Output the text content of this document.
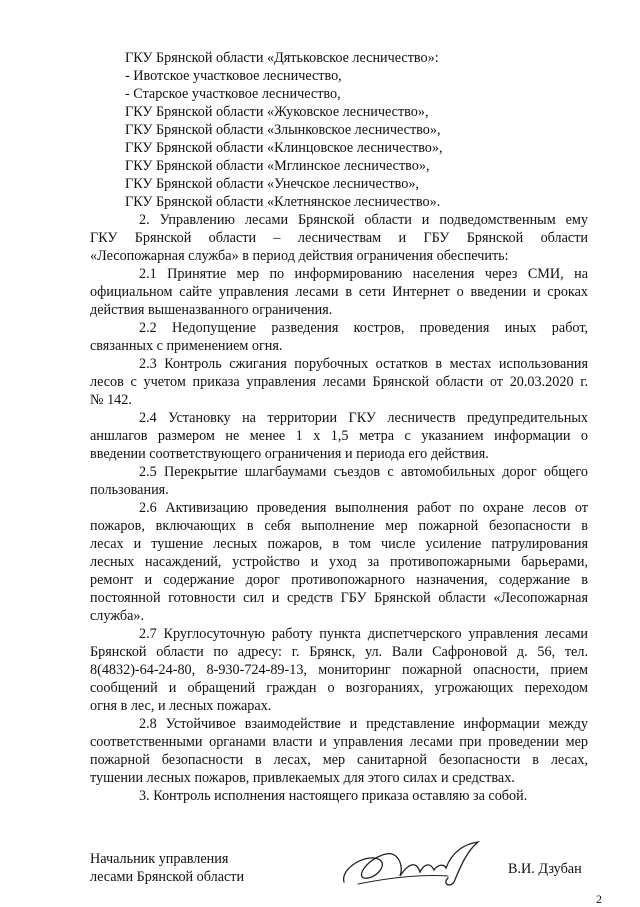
ГКУ Брянской области «Дятьковское лесничество»:
- Ивотское участковое лесничество,
- Старское участковое лесничество,
ГКУ Брянской области «Жуковское лесничество»,
ГКУ Брянской области «Злынковское лесничество»,
ГКУ Брянской области «Клинцовское лесничество»,
ГКУ Брянской области «Мглинское лесничество»,
ГКУ Брянской области «Унечское лесничество»,
ГКУ Брянской области «Клетнянское лесничество».
2. Управлению лесами Брянской области и подведомственным ему
ГКУ Брянской области – лесничествам и ГБУ Брянской области
«Лесопожарная служба» в период действия ограничения обеспечить:
2.1 Принятие мер по информированию населения через СМИ, на
официальном сайте управления лесами в сети Интернет о введении и сроках
действия вышеназванного ограничения.
2.2 Недопущение разведения костров, проведения иных работ,
связанных с применением огня.
2.3 Контроль сжигания порубочных остатков в местах использования
лесов с учетом приказа управления лесами Брянской области от 20.03.2020 г.
№ 142.
2.4 Установку на территории ГКУ лесничеств предупредительных
аншлагов размером не менее 1 х 1,5 метра с указанием информации о
введении соответствующего ограничения и периода его действия.
2.5 Перекрытие шлагбаумами съездов с автомобильных дорог общего
пользования.
2.6 Активизацию проведения выполнения работ по охране лесов от
пожаров, включающих в себя выполнение мер пожарной безопасности в
лесах и тушение лесных пожаров, в том числе усиление патрулирования
лесных насаждений, устройство и уход за противопожарными барьерами,
ремонт и содержание дорог противопожарного назначения, содержание в
постоянной готовности сил и средств ГБУ Брянской области «Лесопожарная
служба».
2.7 Круглосуточную работу пункта диспетчерского управления лесами
Брянской области по адресу: г. Брянск, ул. Вали Сафроновой д. 56, тел.
8(4832)-64-24-80, 8-930-724-89-13, мониторинг пожарной опасности, прием
сообщений и обращений граждан о возгораниях, угрожающих переходом
огня в лес, и лесных пожарах.
2.8 Устойчивое взаимодействие и представление информации между
соответственными органами власти и управления лесами при проведении мер
пожарной безопасности в лесах, мер санитарной безопасности в лесах,
тушении лесных пожаров, привлекаемых для этого силах и средствах.
3. Контроль исполнения настоящего приказа оставляю за собой.
Начальник управления
лесами Брянской области	В.И. Дзубан
2
